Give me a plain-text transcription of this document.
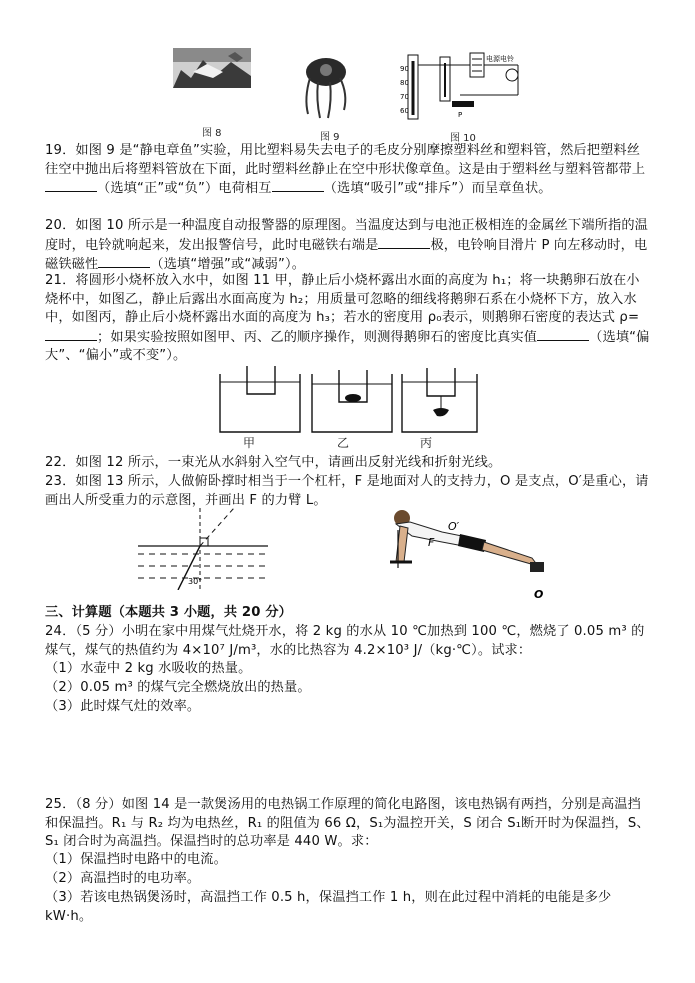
图 8	图 9
90
80
70
60
电源 电铃
P
图 10
19．如图 9 是“静电章鱼”实验，用比塑料易失去电子的毛皮分别摩擦塑料丝和塑料管，然后把塑料丝往空中抛出后将塑料管放在下面，此时塑料丝静止在空中形状像章鱼。这是由于塑料丝与塑料管都带上（选填“正”或“负”）电荷相互	（选填“吸引”或“排斥”）而呈章鱼状。
20．如图 10 所示是一种温度自动报警器的原理图。当温度达到与电池正极相连的金属丝下端所指的温度时，电铃就响起来，发出报警信号，此时电磁铁右端是	极，电铃响目滑片 P 向左移动时，电磁铁磁性	（选填“增强”或“减弱”）。
21．将圆形小烧杯放入水中，如图 11 甲，静止后小烧杯露出水面的高度为 h₁；将一块鹅卵石放在小烧杯中，如图乙，静止后露出水面高度为 h₂；用质量可忽略的细线将鹅卵石系在小烧杯下方，放入水中，如图丙，静止后小烧杯露出水面的高度为 h₃；若水的密度用 ρ₀表示，则鹅卵石密度的表达式 ρ=；如果实验按照如图甲、丙、乙的顺序操作，则测得鹅卵石的密度比真实值	（选填“偏大”、“偏小”或不变”）。
甲	乙	丙
22．如图 12 所示，一束光从水斜射入空气中，请画出反射光线和折射光线。
23．如图 13 所示，人做俯卧撑时相当于一个杠杆，F 是地面对人的支持力，O 是支点，O′是重心，请画出人所受重力的示意图，并画出 F 的力臂 L。
30°
O′
F
O
三、计算题（本题共 3 小题，共 20 分）
24．（5 分）小明在家中用煤气灶烧开水，将 2 kg 的水从 10 ℃加热到 100 ℃，燃烧了 0.05 m³ 的煤气，煤气的热值约为 4×10⁷ J/m³，水的比热容为 4.2×10³ J/（kg·℃）。试求：
（1）水壶中 2 kg 水吸收的热量。
（2）0.05 m³ 的煤气完全燃烧放出的热量。
（3）此时煤气灶的效率。
25．（8 分）如图 14 是一款煲汤用的电热锅工作原理的简化电路图，该电热锅有两挡，分别是高温挡和保温挡。R₁ 与 R₂ 均为电热丝，R₁ 的阻值为 66 Ω，S₁为温控开关，S 闭合 S₁断开时为保温挡，S、S₁ 闭合时为高温挡。保温挡时的总功率是 440 W。求：
（1）保温挡时电路中的电流。
（2）高温挡时的电功率。
（3）若该电热锅煲汤时，高温挡工作 0.5 h，保温挡工作 1 h，则在此过程中消耗的电能是多少 kW·h。
